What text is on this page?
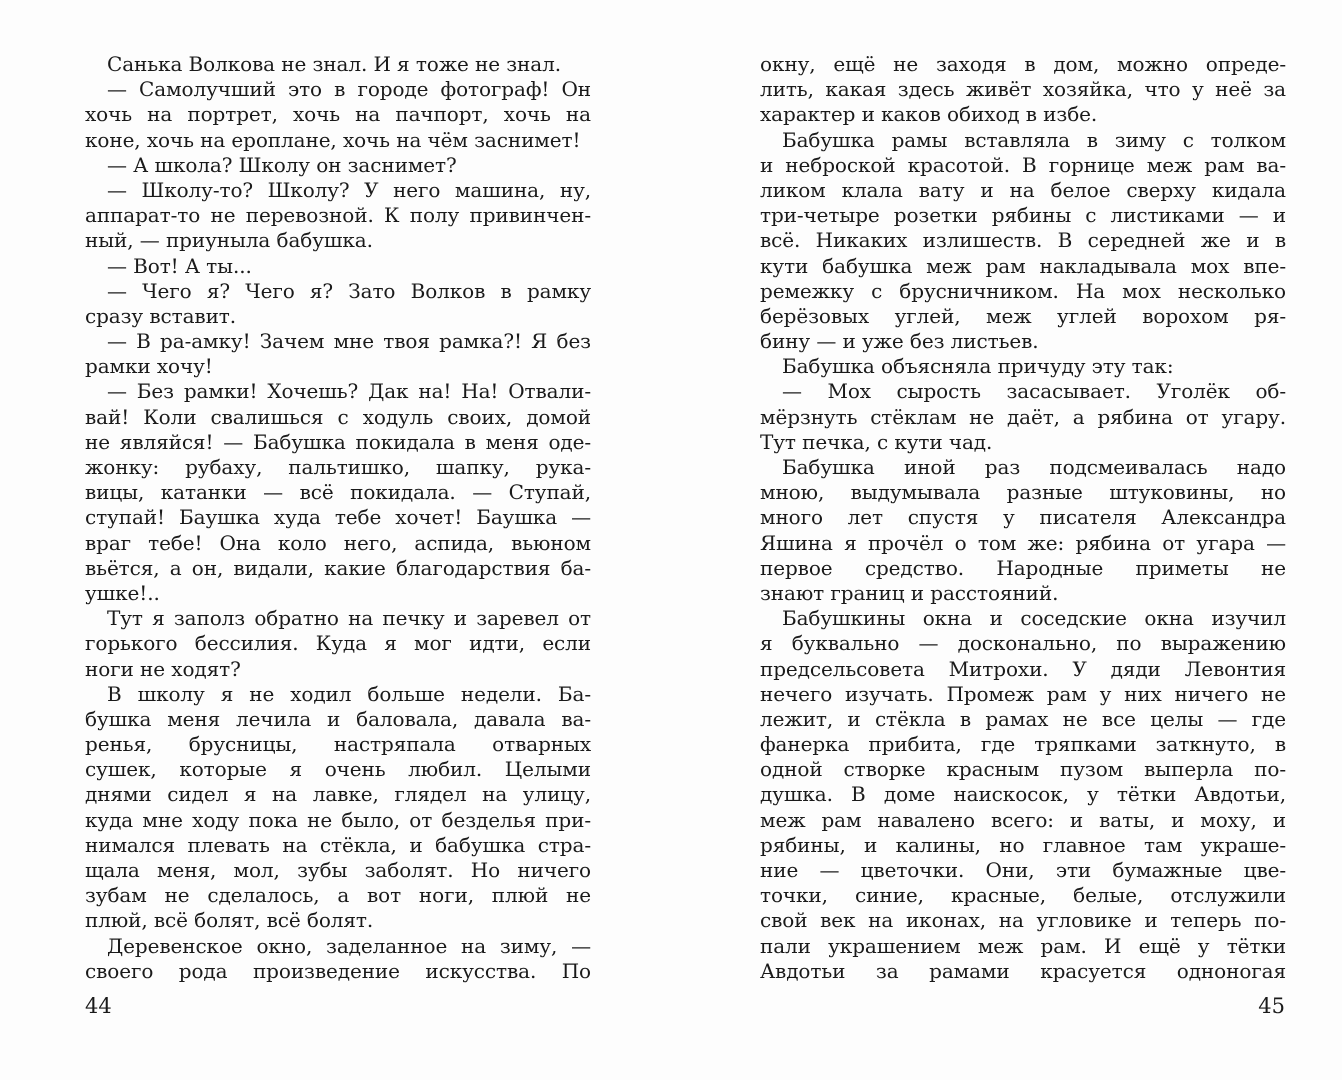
Санька Волкова не знал. И я тоже не знал.
— Самолучший это в городе фотограф! Он
хочь на портрет, хочь на пачпорт, хочь на
коне, хочь на ероплане, хочь на чём заснимет!
— А школа? Школу он заснимет?
— Школу-то? Школу? У него машина, ну,
аппарат-то не перевозной. К полу привинчен-
ный, — приуныла бабушка.
— Вот! А ты...
— Чего я? Чего я? Зато Волков в рамку
сразу вставит.
— В ра-амку! Зачем мне твоя рамка?! Я без
рамки хочу!
— Без рамки! Хочешь? Дак на! На! Отвали-
вай! Коли свалишься с ходуль своих, домой
не являйся! — Бабушка покидала в меня оде-
жонку: рубаху, пальтишко, шапку, рука-
вицы, катанки — всё покидала. — Ступай,
ступай! Баушка худа тебе хочет! Баушка —
враг тебе! Она коло него, аспида, вьюном
вьётся, а он, видали, какие благодарствия ба-
ушке!..
Тут я заполз обратно на печку и заревел от
горького бессилия. Куда я мог идти, если
ноги не ходят?
В школу я не ходил больше недели. Ба-
бушка меня лечила и баловала, давала ва-
ренья, брусницы, настряпала отварных
сушек, которые я очень любил. Целыми
днями сидел я на лавке, глядел на улицу,
куда мне ходу пока не было, от безделья при-
нимался плевать на стёкла, и бабушка стра-
щала меня, мол, зубы заболят. Но ничего
зубам не сделалось, а вот ноги, плюй не
плюй, всё болят, всё болят.
Деревенское окно, заделанное на зиму, —
своего рода произведение искусства. По
окну, ещё не заходя в дом, можно опреде-
лить, какая здесь живёт хозяйка, что у неё за
характер и каков обиход в избе.
Бабушка рамы вставляла в зиму с толком
и неброской красотой. В горнице меж рам ва-
ликом клала вату и на белое сверху кидала
три-четыре розетки рябины с листиками — и
всё. Никаких излишеств. В середней же и в
кути бабушка меж рам накладывала мох впе-
ремежку с брусничником. На мох несколько
берёзовых углей, меж углей ворохом ря-
бину — и уже без листьев.
Бабушка объясняла причуду эту так:
— Мох сырость засасывает. Уголёк об-
мёрзнуть стёклам не даёт, а рябина от угару.
Тут печка, с кути чад.
Бабушка иной раз подсмеивалась надо
мною, выдумывала разные штуковины, но
много лет спустя у писателя Александра
Яшина я прочёл о том же: рябина от угара —
первое средство. Народные приметы не
знают границ и расстояний.
Бабушкины окна и соседские окна изучил
я буквально — досконально, по выражению
предсельсовета Митрохи. У дяди Левонтия
нечего изучать. Промеж рам у них ничего не
лежит, и стёкла в рамах не все целы — где
фанерка прибита, где тряпками заткнуто, в
одной створке красным пузом выперла по-
душка. В доме наискосок, у тётки Авдотьи,
меж рам навалено всего: и ваты, и моху, и
рябины, и калины, но главное там украше-
ние — цветочки. Они, эти бумажные цве-
точки, синие, красные, белые, отслужили
свой век на иконах, на угловике и теперь по-
пали украшением меж рам. И ещё у тётки
Авдотьи за рамами красуется одноногая
44	45
